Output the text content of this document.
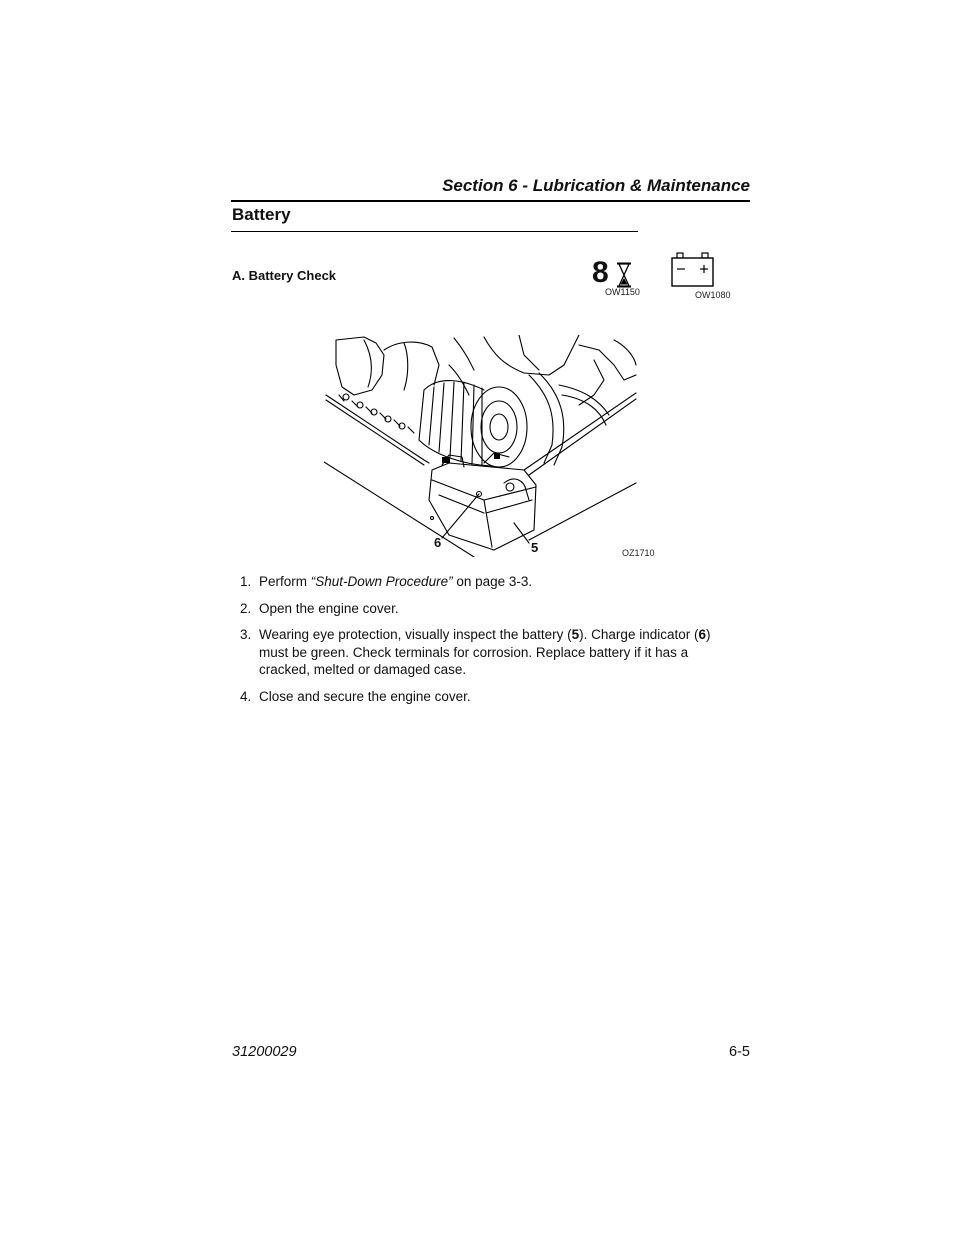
Section 6 - Lubrication & Maintenance
Battery
A. Battery Check	8
OW1150	OW1080
6	5	OZ1710
1. Perform “Shut-Down Procedure” on page 3-3.
2. Open the engine cover.
3. Wearing eye protection, visually inspect the battery (5). Charge indicator (6) must be green. Check terminals for corrosion. Replace battery if it has a cracked, melted or damaged case.
4. Close and secure the engine cover.
31200029	6-5
